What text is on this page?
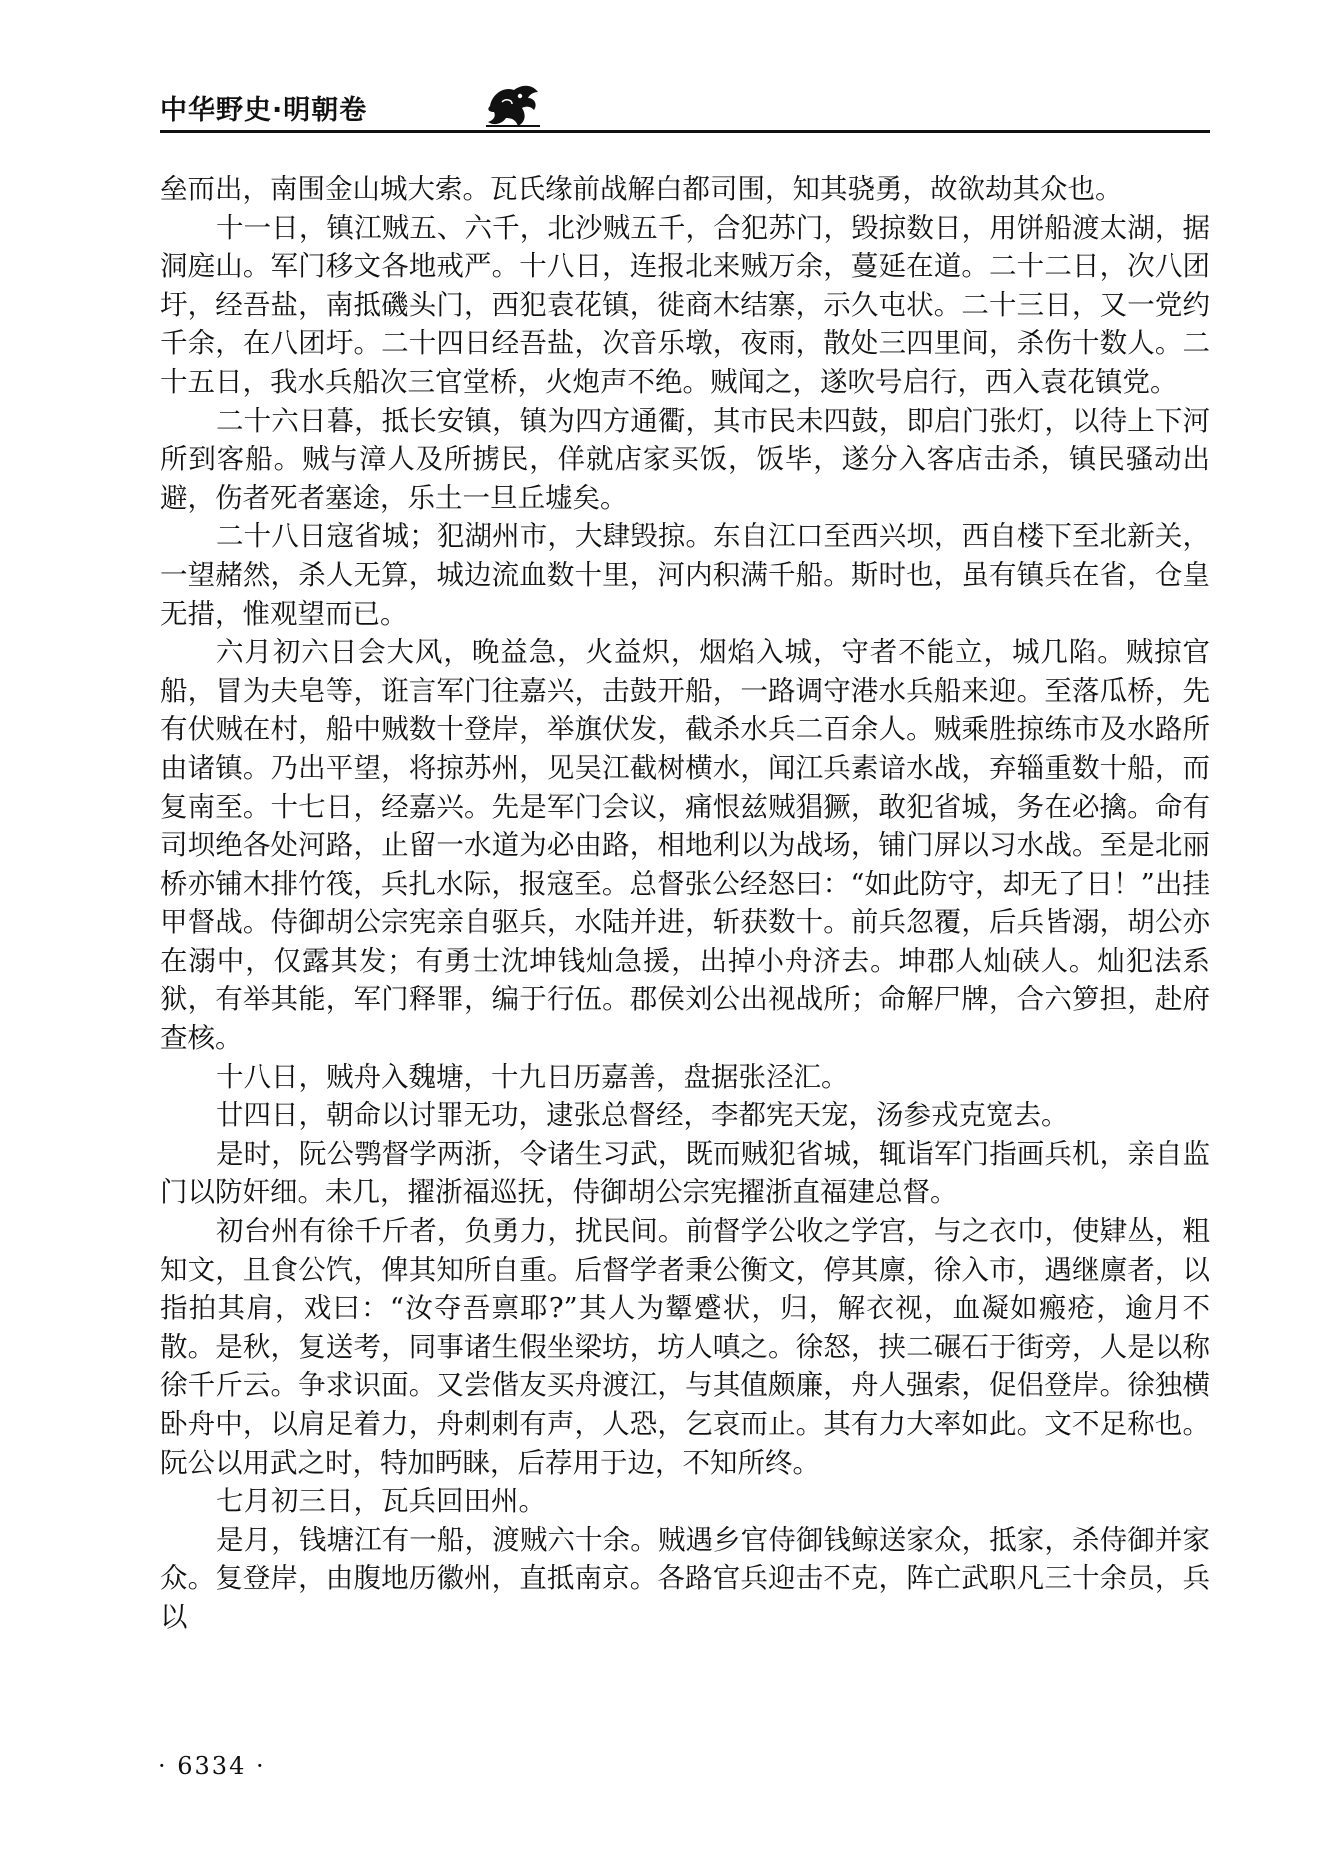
中华野史·明朝卷

垒而出，南围金山城大索。瓦氏缘前战解白都司围，知其骁勇，故欲劫其众也。

十一日，镇江贼五、六千，北沙贼五千，合犯苏门，毁掠数日，用饼船渡太湖，据洞庭山。军门移文各地戒严。十八日，连报北来贼万余，蔓延在道。二十二日，次八团圩，经吾盐，南抵磯头门，西犯袁花镇，徙商木结寨，示久屯状。二十三日，又一党约千余，在八团圩。二十四日经吾盐，次音乐墩，夜雨，散处三四里间，杀伤十数人。二十五日，我水兵船次三官堂桥，火炮声不绝。贼闻之，遂吹号启行，西入袁花镇党。

二十六日暮，抵长安镇，镇为四方通衢，其市民未四鼓，即启门张灯，以待上下河所到客船。贼与漳人及所掳民，佯就店家买饭，饭毕，遂分入客店击杀，镇民骚动出避，伤者死者塞途，乐土一旦丘墟矣。

二十八日寇省城；犯湖州市，大肆毁掠。东自江口至西兴坝，西自楼下至北新关，一望赭然，杀人无算，城边流血数十里，河内积满千船。斯时也，虽有镇兵在省，仓皇无措，惟观望而已。

六月初六日会大风，晚益急，火益炽，烟焰入城，守者不能立，城几陷。贼掠官船，冒为夫皂等，诳言军门往嘉兴，击鼓开船，一路调守港水兵船来迎。至落瓜桥，先有伏贼在村，船中贼数十登岸，举旗伏发，截杀水兵二百余人。贼乘胜掠练市及水路所由诸镇。乃出平望，将掠苏州，见吴江截树横水，闻江兵素谙水战，弃辎重数十船，而复南至。十七日，经嘉兴。先是军门会议，痛恨兹贼猖獗，敢犯省城，务在必擒。命有司坝绝各处河路，止留一水道为必由路，相地利以为战场，铺门屏以习水战。至是北丽桥亦铺木排竹筏，兵扎水际，报寇至。总督张公经怒曰：“如此防守，却无了日！”出挂甲督战。侍御胡公宗宪亲自驱兵，水陆并进，斩获数十。前兵忽覆，后兵皆溺，胡公亦在溺中，仅露其发；有勇士沈坤钱灿急援，出掉小舟济去。坤郡人灿硖人。灿犯法系狱，有举其能，军门释罪，编于行伍。郡侯刘公出视战所；命解尸牌，合六箩担，赴府查核。

十八日，贼舟入魏塘，十九日历嘉善，盘据张泾汇。

廿四日，朝命以讨罪无功，逮张总督经，李都宪天宠，汤参戎克宽去。

是时，阮公鹗督学两浙，令诸生习武，既而贼犯省城，辄诣军门指画兵机，亲自监门以防奸细。未几，擢浙福巡抚，侍御胡公宗宪擢浙直福建总督。

初台州有徐千斤者，负勇力，扰民间。前督学公收之学宫，与之衣巾，使肄丛，粗知文，且食公饩，俾其知所自重。后督学者秉公衡文，停其廪，徐入市，遇继廪者，以指拍其肩，戏曰：“汝夺吾禀耶?”其人为颦蹙状，归，解衣视，血凝如瘢疮，逾月不散。是秋，复送考，同事诸生假坐梁坊，坊人嗔之。徐怒，挟二碾石于街旁，人是以称徐千斤云。争求识面。又尝偕友买舟渡江，与其值颇廉，舟人强索，促侣登岸。徐独横卧舟中，以肩足着力，舟刺刺有声，人恐，乞哀而止。其有力大率如此。文不足称也。阮公以用武之时，特加眄睐，后荐用于边，不知所终。

七月初三日，瓦兵回田州。

是月，钱塘江有一船，渡贼六十余。贼遇乡官侍御钱鲸送家众，抵家，杀侍御并家众。复登岸，由腹地历徽州，直抵南京。各路官兵迎击不克，阵亡武职凡三十余员，兵以

· 6334 ·
